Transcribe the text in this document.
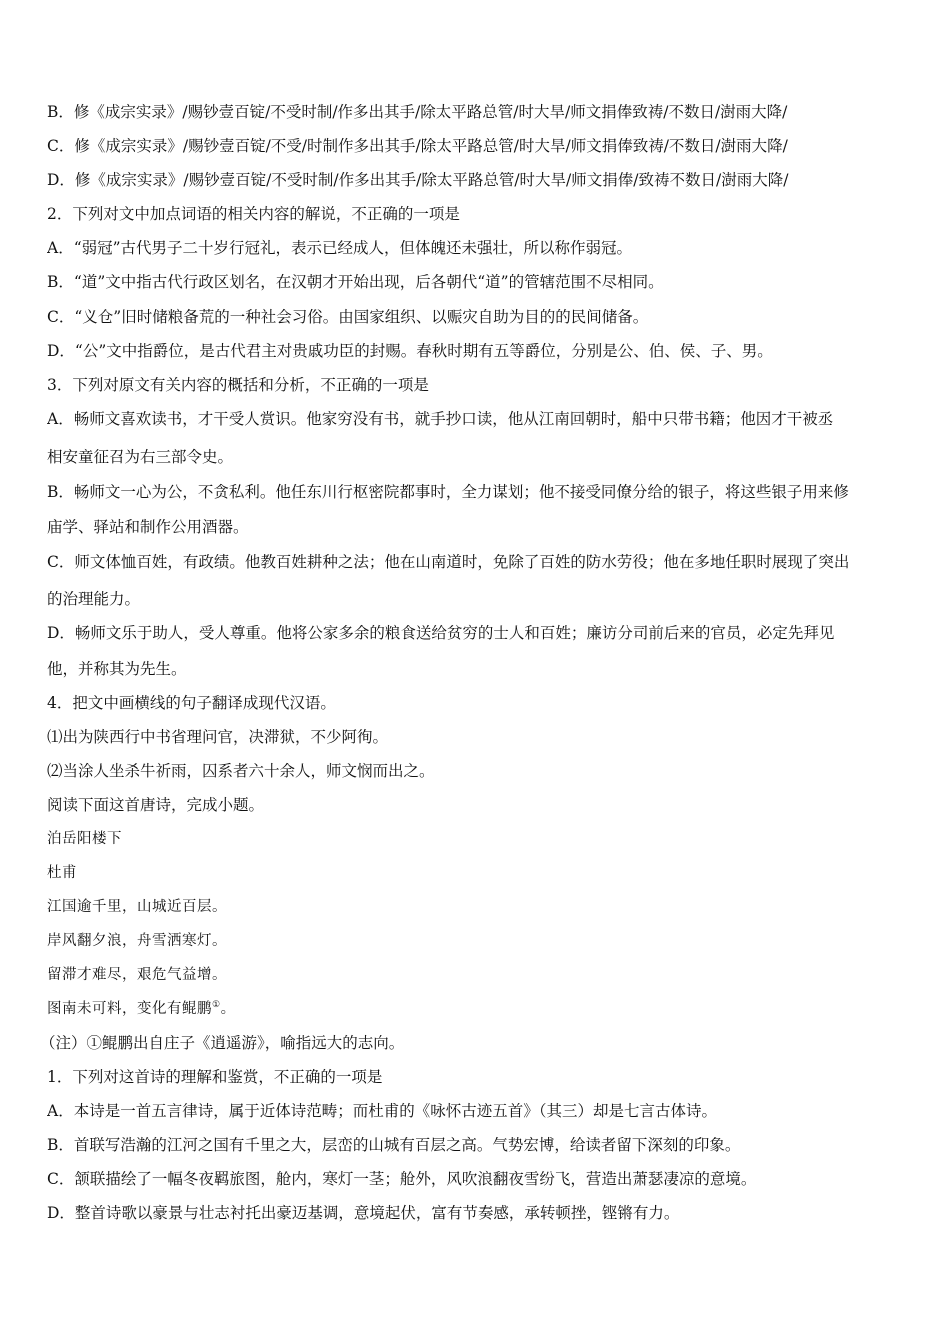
B．修《成宗实录》/赐钞壹百锭/不受时制/作多出其手/除太平路总管/时大旱/师文捐俸致祷/不数日/澍雨大降/
C．修《成宗实录》/赐钞壹百锭/不受/时制作多出其手/除太平路总管/时大旱/师文捐俸致祷/不数日/澍雨大降/
D．修《成宗实录》/赐钞壹百锭/不受时制/作多出其手/除太平路总管/时大旱/师文捐俸/致祷不数日/澍雨大降/
2．下列对文中加点词语的相关内容的解说，不正确的一项是
A．“弱冠”古代男子二十岁行冠礼，表示已经成人，但体魄还未强壮，所以称作弱冠。
B．“道”文中指古代行政区划名，在汉朝才开始出现，后各朝代“道”的管辖范围不尽相同。
C．“义仓”旧时储粮备荒的一种社会习俗。由国家组织、以赈灾自助为目的的民间储备。
D．“公”文中指爵位，是古代君主对贵戚功臣的封赐。春秋时期有五等爵位，分别是公、伯、侯、子、男。
3．下列对原文有关内容的概括和分析，不正确的一项是
A．畅师文喜欢读书，才干受人赏识。他家穷没有书，就手抄口读，他从江南回朝时，船中只带书籍；他因才干被丞
相安童征召为右三部令史。
B．畅师文一心为公，不贪私利。他任东川行枢密院都事时，全力谋划；他不接受同僚分给的银子，将这些银子用来修
庙学、驿站和制作公用酒器。
C．师文体恤百姓，有政绩。他教百姓耕种之法；他在山南道时，免除了百姓的防水劳役；他在多地任职时展现了突出
的治理能力。
D．畅师文乐于助人，受人尊重。他将公家多余的粮食送给贫穷的士人和百姓；廉访分司前后来的官员，必定先拜见
他，并称其为先生。
4．把文中画横线的句子翻译成现代汉语。
⑴出为陕西行中书省理问官，决滞狱，不少阿徇。
⑵当涂人坐杀牛祈雨，囚系者六十余人，师文悯而出之。
阅读下面这首唐诗，完成小题。
泊岳阳楼下
杜甫
江国逾千里，山城近百层。
岸风翻夕浪，舟雪洒寒灯。
留滞才难尽，艰危气益增。
图南未可料，变化有鲲鹏①。
（注）①鲲鹏出自庄子《逍遥游》，喻指远大的志向。
1．下列对这首诗的理解和鉴赏，不正确的一项是
A．本诗是一首五言律诗，属于近体诗范畴；而杜甫的《咏怀古迹五首》（其三）却是七言古体诗。
B．首联写浩瀚的江河之国有千里之大，层峦的山城有百层之高。气势宏博，给读者留下深刻的印象。
C．颔联描绘了一幅冬夜羁旅图，舱内，寒灯一茎；舱外，风吹浪翻夜雪纷飞，营造出萧瑟凄凉的意境。
D．整首诗歌以豪景与壮志衬托出豪迈基调，意境起伏，富有节奏感，承转顿挫，铿锵有力。
